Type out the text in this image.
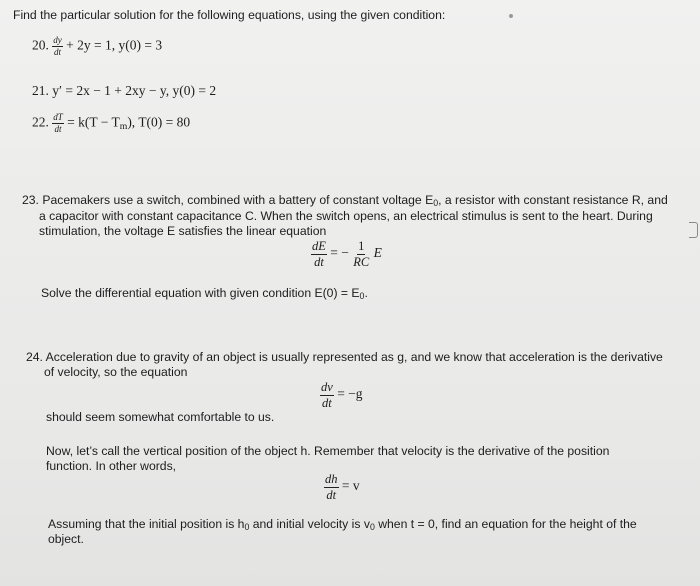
Find the particular solution for the following equations, using the given condition:
20. $\frac{dy}{dt} + 2y = 1$, y(0) = 3
21. y′ = 2x − 1 + 2xy − y, y(0) = 2
22. $\frac{dT}{dt} = k(T - T_m)$, T(0) = 80
23. Pacemakers use a switch, combined with a battery of constant voltage $E_0$, a resistor with constant resistance R, and
a capacitor with constant capacitance C. When the switch opens, an electrical stimulus is sent to the heart. During
stimulation, the voltage E satisfies the linear equation
$\frac{dE}{dt}$ = − $\frac{1}{RC}$ E
Solve the differential equation with given condition $E(0) = E_0$.
24. Acceleration due to gravity of an object is usually represented as g, and we know that acceleration is the derivative
of velocity, so the equation
$\frac{dv}{dt} = -g$
should seem somewhat comfortable to us.
Now, let’s call the vertical position of the object h. Remember that velocity is the derivative of the position
function. In other words,
$\frac{dh}{dt} = v$
Assuming that the initial position is $h_0$ and initial velocity is $v_0$ when t = 0, find an equation for the height of the
object.
